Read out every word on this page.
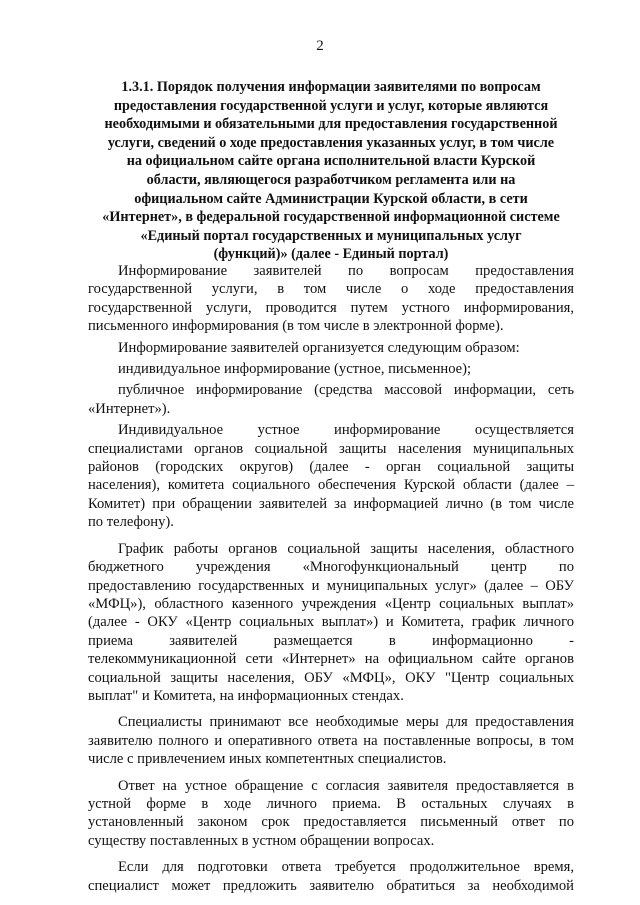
2
1.3.1. Порядок получения информации заявителями по вопросам
предоставления государственной услуги и услуг, которые являются
необходимыми и обязательными для предоставления государственной
услуги, сведений о ходе предоставления указанных услуг, в том числе
на официальном сайте органа исполнительной власти Курской
области, являющегося разработчиком регламента или на
официальном сайте Администрации Курской области, в сети
«Интернет», в федеральной государственной информационной системе
«Единый портал государственных и муниципальных услуг
(функций)» (далее - Единый портал)
Информирование заявителей по вопросам предоставления
государственной услуги, в том числе о ходе предоставления
государственной услуги, проводится путем устного информирования,
письменного информирования (в том числе в электронной форме).
Информирование заявителей организуется следующим образом:
индивидуальное информирование (устное, письменное);
публичное информирование (средства массовой информации, сеть
«Интернет»).
Индивидуальное устное информирование осуществляется
специалистами органов социальной защиты населения муниципальных
районов (городских округов) (далее - орган социальной защиты
населения), комитета социального обеспечения Курской области (далее –
Комитет) при обращении заявителей за информацией лично (в том числе
по телефону).
График работы органов социальной защиты населения, областного
бюджетного учреждения «Многофункциональный центр по
предоставлению государственных и муниципальных услуг» (далее – ОБУ
«МФЦ»), областного казенного учреждения «Центр социальных выплат»
(далее - ОКУ «Центр социальных выплат») и Комитета, график личного
приема заявителей размещается в информационно -
телекоммуникационной сети «Интернет» на официальном сайте органов
социальной защиты населения, ОБУ «МФЦ», ОКУ "Центр социальных
выплат" и Комитета, на информационных стендах.
Специалисты принимают все необходимые меры для предоставления
заявителю полного и оперативного ответа на поставленные вопросы, в том
числе с привлечением иных компетентных специалистов.
Ответ на устное обращение с согласия заявителя предоставляется в
устной форме в ходе личного приема. В остальных случаях в
установленный законом срок предоставляется письменный ответ по
существу поставленных в устном обращении вопросах.
Если для подготовки ответа требуется продолжительное время,
специалист может предложить заявителю обратиться за необходимой
